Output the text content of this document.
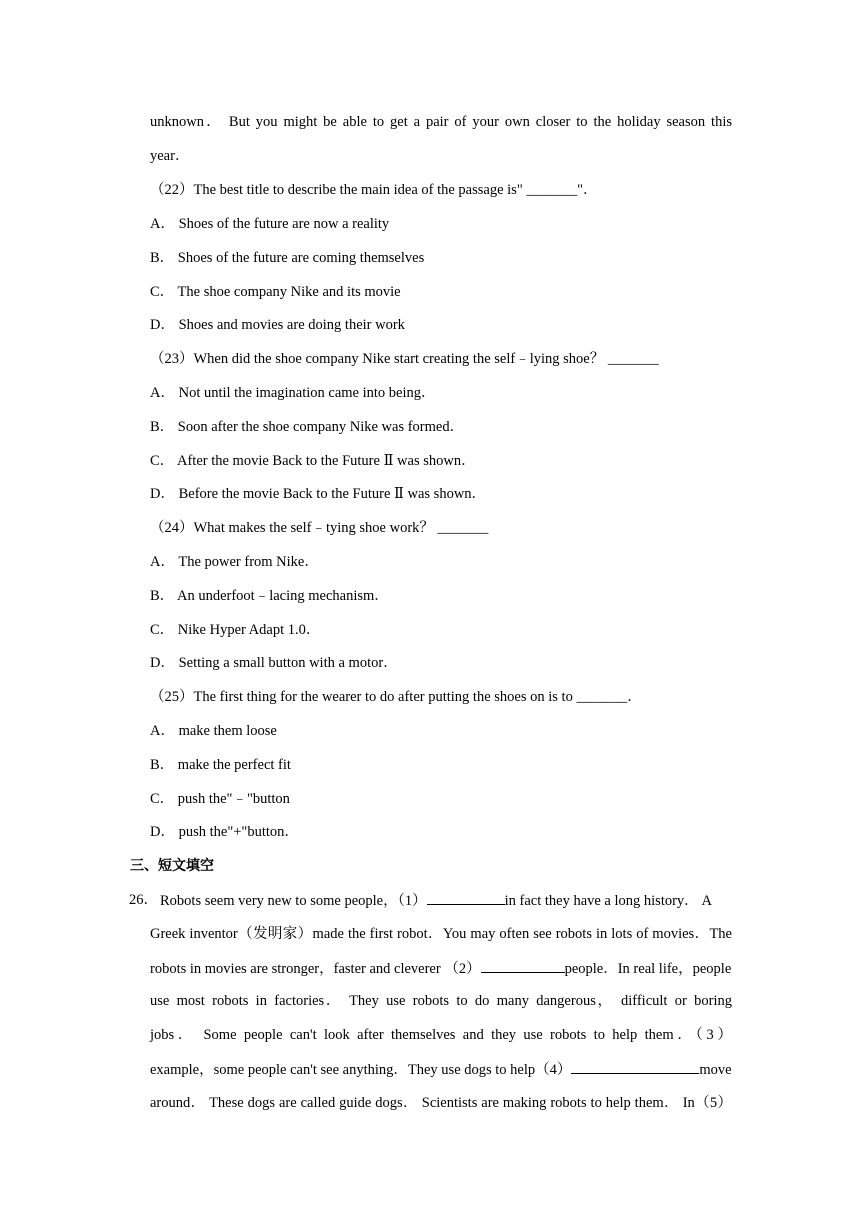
unknown． But you might be able to get a pair of your own closer to the holiday season this
year．
（22）The best title to describe the main idea of the passage is" _______"．
A． Shoes of the future are now a reality
B． Shoes of the future are coming themselves
C． The shoe company Nike and its movie
D． Shoes and movies are doing their work
（23）When did the shoe company Nike start creating the self﹣lying shoe？ _______
A． Not until the imagination came into being．
B． Soon after the shoe company Nike was formed．
C． After the movie Back to the Future Ⅱ was shown．
D． Before the movie Back to the Future Ⅱ was shown．
（24）What makes the self﹣tying shoe work？ _______
A． The power from Nike．
B． An underfoot﹣lacing mechanism．
C． Nike Hyper Adapt 1.0．
D． Setting a small button with a motor．
（25）The first thing for the wearer to do after putting the shoes on is to _______．
A． make them loose
B． make the perfect fit
C． push the"﹣"button
D． push the"+"button．
三、短文填空
26． Robots seem very new to some people，（1）	in fact they have a long history． A
Greek inventor（发明家）made the first robot．You may often see robots in lots of movies．The
robots in movies are stronger，faster and cleverer （2）	people．In real life，people
use most robots in factories． They use robots to do many dangerous， difficult or boring
jobs． Some people can't look after themselves and they use robots to help them．（3）
example，some people can't see anything．They use dogs to help（4）	move
around． These dogs are called guide dogs． Scientists are making robots to help them． In（5）
